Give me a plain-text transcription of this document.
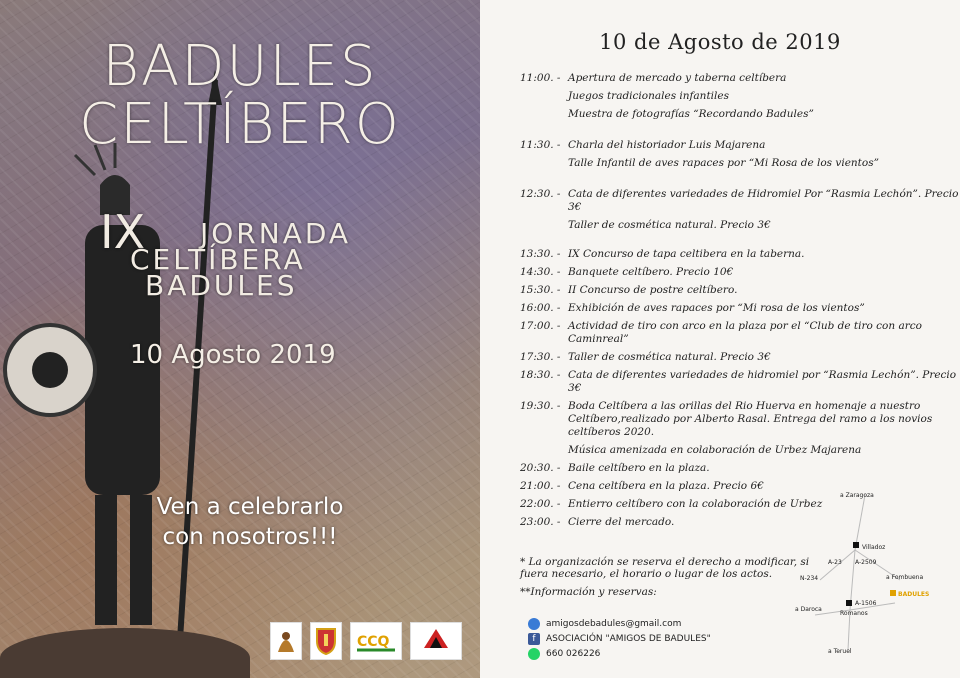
BADULES
CELTÍBERO
IX JORNADA
CELTÍBERA
BADULES
10 Agosto 2019
Ven a celebrarlo
con nosotros!!!
CCQ
10 de Agosto de 2019
11:00. - Apertura de mercado y taberna celtíbera
Juegos tradicionales infantiles
Muestra de fotografías “Recordando Badules”
11:30. - Charla del historiador Luis Majarena
Talle Infantil de aves rapaces por “Mi Rosa de los vientos”
12:30. - Cata de diferentes variedades de Hidromiel Por “Rasmia Lechón”. Precio 3€
Taller de cosmética natural. Precio 3€
13:30. - IX Concurso de tapa celtibera en la taberna.
14:30. - Banquete celtíbero. Precio 10€
15:30. - II Concurso de postre celtíbero.
16:00. - Exhibición de aves rapaces por “Mi rosa de los vientos”
17:00. - Actividad de tiro con arco en la plaza por el “Club de tiro con arco Caminreal”
17:30. - Taller de cosmética natural. Precio 3€
18:30. - Cata de diferentes variedades de hidromiel por “Rasmia Lechón”. Precio 3€
19:30. - Boda Celtíbera a las orillas del Rio Huerva en homenaje a nuestro Celtíbero,realizado por Alberto Rasal. Entrega del ramo a los novios celtíberos 2020.
Música amenizada en colaboración de Urbez Majarena
20:30. - Baile celtíbero en la plaza.
21:00. - Cena celtíbera en la plaza. Precio 6€
22:00. - Entierro celtíbero con la colaboración de Urbez
23:00. - Cierre del mercado.
* La organización se reserva el derecho a modificar, si fuera necesario, el horario o lugar de los actos.
**Información y reservas:
amigosdebadules@gmail.com
f	ASOCIACIÓN "AMIGOS DE BADULES"
660 026226
a Zaragoza
Villadoz
A-23 A-2509
N-234	a Fombuena
BADULES
A-1506
a Daroca
Romanos
a Teruel
